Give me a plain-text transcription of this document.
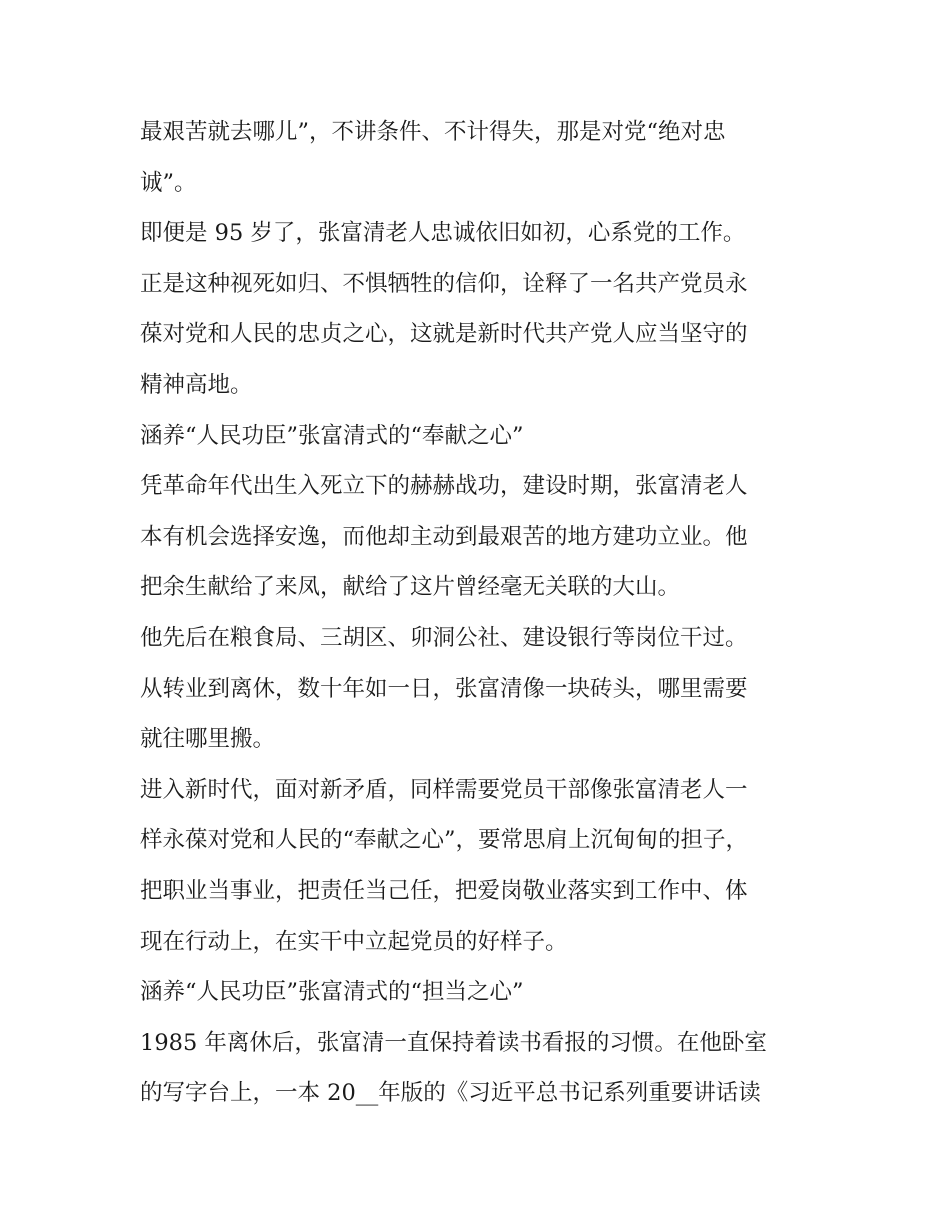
最艰苦就去哪儿”，不讲条件、不计得失，那是对党“绝对忠

诚”。

即便是 95 岁了，张富清老人忠诚依旧如初，心系党的工作。

正是这种视死如归、不惧牺牲的信仰，诠释了一名共产党员永

葆对党和人民的忠贞之心，这就是新时代共产党人应当坚守的

精神高地。

涵养“人民功臣”张富清式的“奉献之心”

凭革命年代出生入死立下的赫赫战功，建设时期，张富清老人

本有机会选择安逸，而他却主动到最艰苦的地方建功立业。他

把余生献给了来凤，献给了这片曾经毫无关联的大山。

他先后在粮食局、三胡区、卯洞公社、建设银行等岗位干过。

从转业到离休，数十年如一日，张富清像一块砖头，哪里需要

就往哪里搬。

进入新时代，面对新矛盾，同样需要党员干部像张富清老人一

样永葆对党和人民的“奉献之心”，要常思肩上沉甸甸的担子，

把职业当事业，把责任当己任，把爱岗敬业落实到工作中、体

现在行动上，在实干中立起党员的好样子。

涵养“人民功臣”张富清式的“担当之心”

1985 年离休后，张富清一直保持着读书看报的习惯。在他卧室

的写字台上，一本 20__年版的《习近平总书记系列重要讲话读
